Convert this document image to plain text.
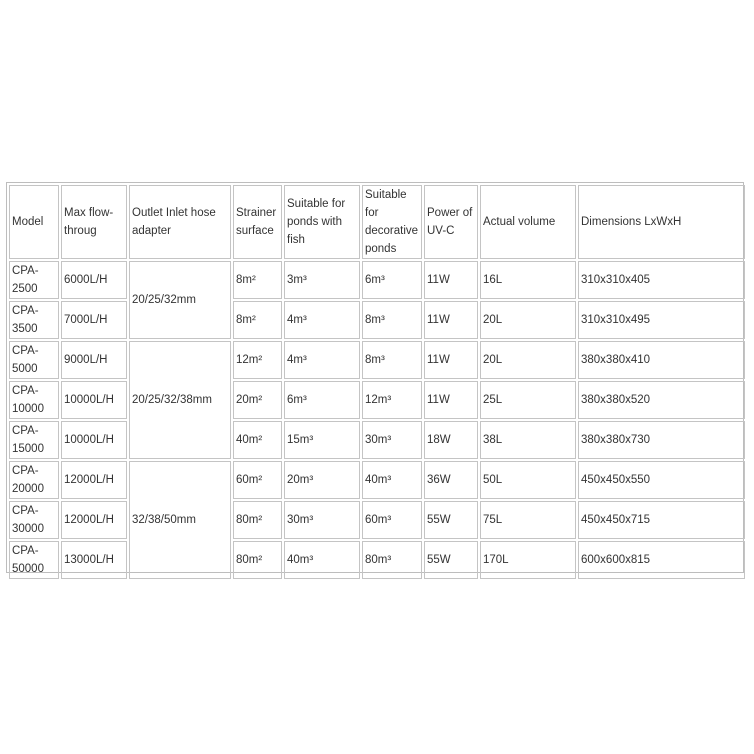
Model	Max flow-throug	Outlet Inlet hose adapter	Strainer surface	Suitable for ponds with fish	Suitable for decorative ponds	Power of UV-C	Actual volume	Dimensions LxWxH
CPA-2500	6000L/H	20/25/32mm	8m²	3m³	6m³	11W	16L	310x310x405
CPA-3500	7000L/H		8m²	4m³	8m³	11W	20L	310x310x495
CPA-5000	9000L/H	20/25/32/38mm	12m²	4m³	8m³	11W	20L	380x380x410
CPA-10000	10000L/H		20m²	6m³	12m³	11W	25L	380x380x520
CPA-15000	10000L/H		40m²	15m³	30m³	18W	38L	380x380x730
CPA-20000	12000L/H	32/38/50mm	60m²	20m³	40m³	36W	50L	450x450x550
CPA-30000	12000L/H		80m²	30m³	60m³	55W	75L	450x450x715
CPA-50000	13000L/H		80m²	40m³	80m³	55W	170L	600x600x815
